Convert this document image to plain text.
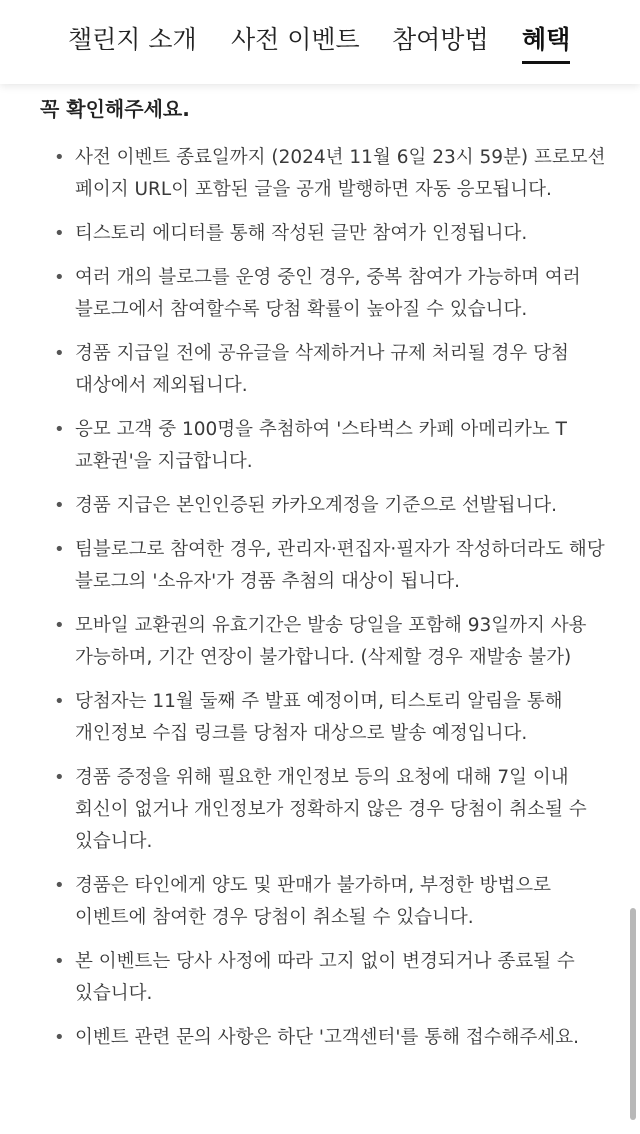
챌린지 소개 사전 이벤트 참여방법 혜택
꼭 확인해주세요.
• 사전 이벤트 종료일까지 (2024년 11월 6일 23시 59분) 프로모션 페이지 URL이 포함된 글을 공개 발행하면 자동 응모됩니다.
• 티스토리 에디터를 통해 작성된 글만 참여가 인정됩니다.
• 여러 개의 블로그를 운영 중인 경우, 중복 참여가 가능하며 여러 블로그에서 참여할수록 당첨 확률이 높아질 수 있습니다.
• 경품 지급일 전에 공유글을 삭제하거나 규제 처리될 경우 당첨 대상에서 제외됩니다.
• 응모 고객 중 100명을 추첨하여 '스타벅스 카페 아메리카노 T 교환권'을 지급합니다.
• 경품 지급은 본인인증된 카카오계정을 기준으로 선발됩니다.
• 팀블로그로 참여한 경우, 관리자·편집자·필자가 작성하더라도 해당 블로그의 '소유자'가 경품 추첨의 대상이 됩니다.
• 모바일 교환권의 유효기간은 발송 당일을 포함해 93일까지 사용 가능하며, 기간 연장이 불가합니다. (삭제할 경우 재발송 불가)
• 당첨자는 11월 둘째 주 발표 예정이며, 티스토리 알림을 통해 개인정보 수집 링크를 당첨자 대상으로 발송 예정입니다.
• 경품 증정을 위해 필요한 개인정보 등의 요청에 대해 7일 이내 회신이 없거나 개인정보가 정확하지 않은 경우 당첨이 취소될 수 있습니다.
• 경품은 타인에게 양도 및 판매가 불가하며, 부정한 방법으로 이벤트에 참여한 경우 당첨이 취소될 수 있습니다.
• 본 이벤트는 당사 사정에 따라 고지 없이 변경되거나 종료될 수 있습니다.
• 이벤트 관련 문의 사항은 하단 '고객센터'를 통해 접수해주세요.
